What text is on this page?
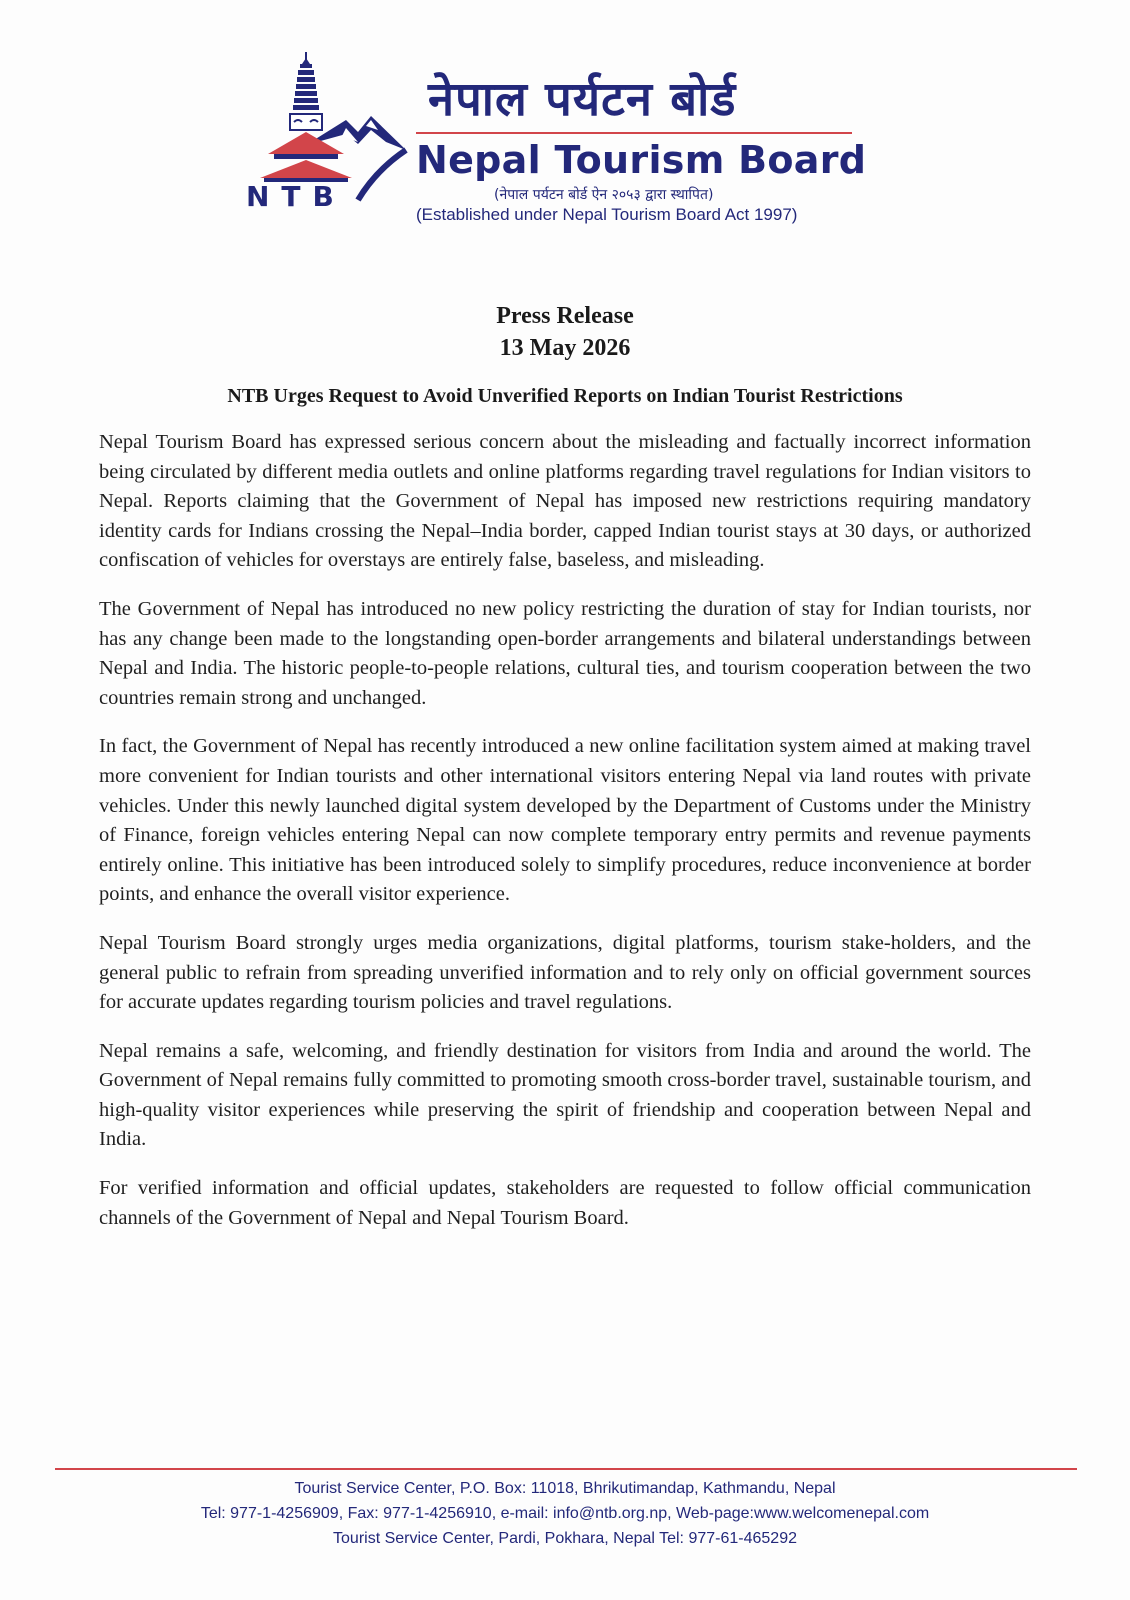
NTB
नेपाल पर्यटन बोर्ड
Nepal Tourism Board
(नेपाल पर्यटन बोर्ड ऐन २०५३ द्वारा स्थापित)
(Established under Nepal Tourism Board Act 1997)
Press Release
13 May 2026
NTB Urges Request to Avoid Unverified Reports on Indian Tourist Restrictions

Nepal Tourism Board has expressed serious concern about the misleading and factually incorrect information being circulated by different media outlets and online platforms regarding travel regulations for Indian visitors to Nepal. Reports claiming that the Government of Nepal has imposed new restrictions requiring mandatory identity cards for Indians crossing the Nepal–India border, capped Indian tourist stays at 30 days, or authorized confiscation of vehicles for overstays are entirely false, baseless, and misleading.

The Government of Nepal has introduced no new policy restricting the duration of stay for Indian tourists, nor has any change been made to the longstanding open-border arrangements and bilateral understandings between Nepal and India. The historic people-to-people relations, cultural ties, and tourism cooperation between the two countries remain strong and unchanged.

In fact, the Government of Nepal has recently introduced a new online facilitation system aimed at making travel more convenient for Indian tourists and other international visitors entering Nepal via land routes with private vehicles. Under this newly launched digital system developed by the Department of Customs under the Ministry of Finance, foreign vehicles entering Nepal can now complete temporary entry permits and revenue payments entirely online. This initiative has been introduced solely to simplify procedures, reduce inconvenience at border points, and enhance the overall visitor experience.

Nepal Tourism Board strongly urges media organizations, digital platforms, tourism stake-holders, and the general public to refrain from spreading unverified information and to rely only on official government sources for accurate updates regarding tourism policies and travel regulations.

Nepal remains a safe, welcoming, and friendly destination for visitors from India and around the world. The Government of Nepal remains fully committed to promoting smooth cross-border travel, sustainable tourism, and high-quality visitor experiences while preserving the spirit of friendship and cooperation between Nepal and India.

For verified information and official updates, stakeholders are requested to follow official communication channels of the Government of Nepal and Nepal Tourism Board.

Tourist Service Center, P.O. Box: 11018, Bhrikutimandap, Kathmandu, Nepal
Tel: 977-1-4256909, Fax: 977-1-4256910, e-mail: info@ntb.org.np, Web-page:www.welcomenepal.com
Tourist Service Center, Pardi, Pokhara, Nepal Tel: 977-61-465292
